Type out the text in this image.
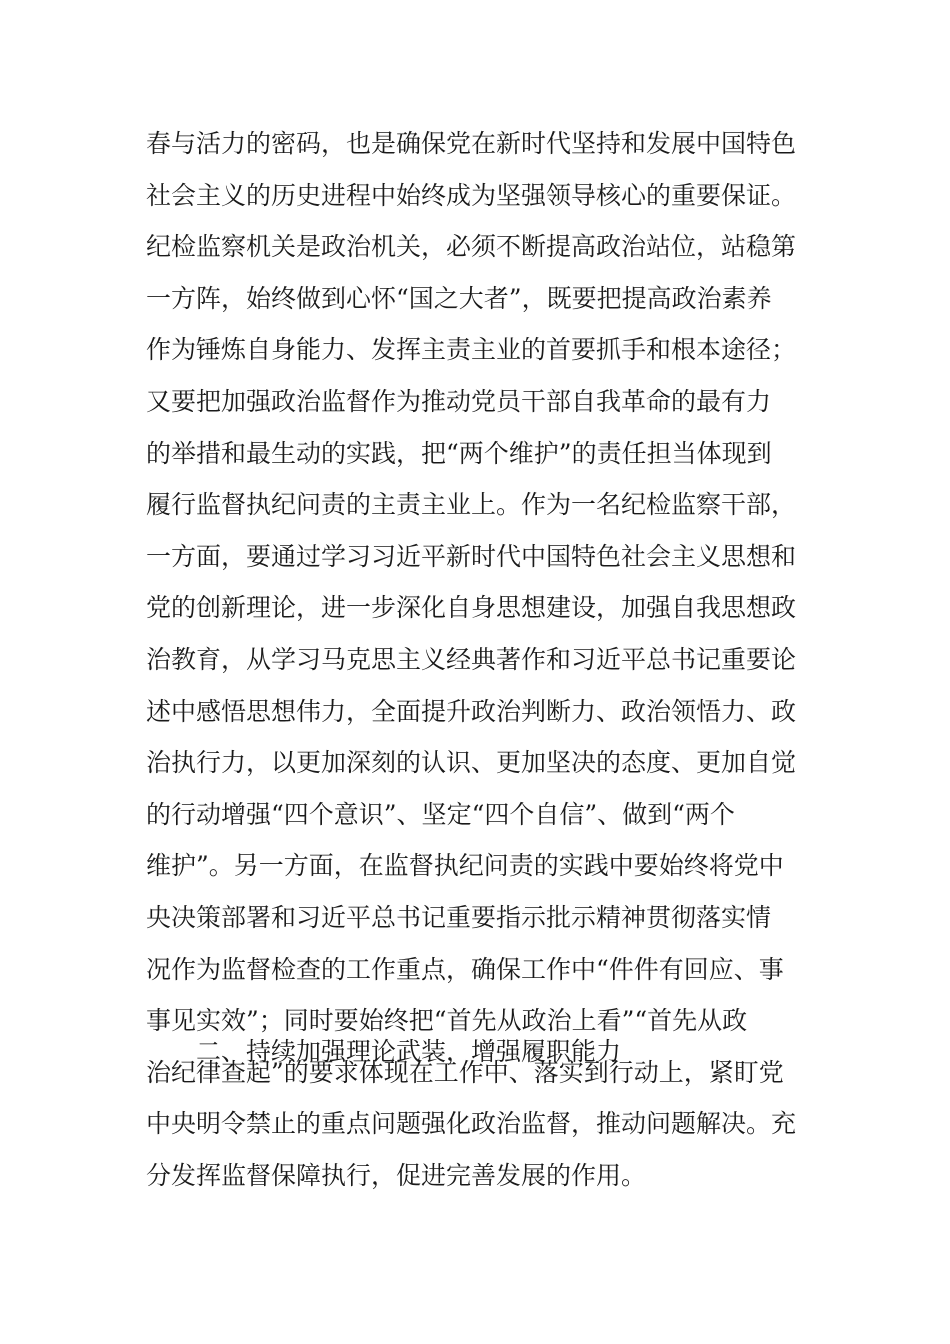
春与活力的密码，也是确保党在新时代坚持和发展中国特色
社会主义的历史进程中始终成为坚强领导核心的重要保证。
纪检监察机关是政治机关，必须不断提高政治站位，站稳第
一方阵，始终做到心怀“国之大者”，既要把提高政治素养
作为锤炼自身能力、发挥主责主业的首要抓手和根本途径；
又要把加强政治监督作为推动党员干部自我革命的最有力
的举措和最生动的实践，把“两个维护”的责任担当体现到
履行监督执纪问责的主责主业上。作为一名纪检监察干部，
一方面，要通过学习习近平新时代中国特色社会主义思想和
党的创新理论，进一步深化自身思想建设，加强自我思想政
治教育，从学习马克思主义经典著作和习近平总书记重要论
述中感悟思想伟力，全面提升政治判断力、政治领悟力、政
治执行力，以更加深刻的认识、更加坚决的态度、更加自觉
的行动增强“四个意识”、坚定“四个自信”、做到“两个
维护”。另一方面，在监督执纪问责的实践中要始终将党中
央决策部署和习近平总书记重要指示批示精神贯彻落实情
况作为监督检查的工作重点，确保工作中“件件有回应、事
事见实效”；同时要始终把“首先从政治上看”“首先从政
治纪律查起”的要求体现在工作中、落实到行动上，紧盯党
中央明令禁止的重点问题强化政治监督，推动问题解决。充
分发挥监督保障执行，促进完善发展的作用。
二、持续加强理论武装，增强履职能力
